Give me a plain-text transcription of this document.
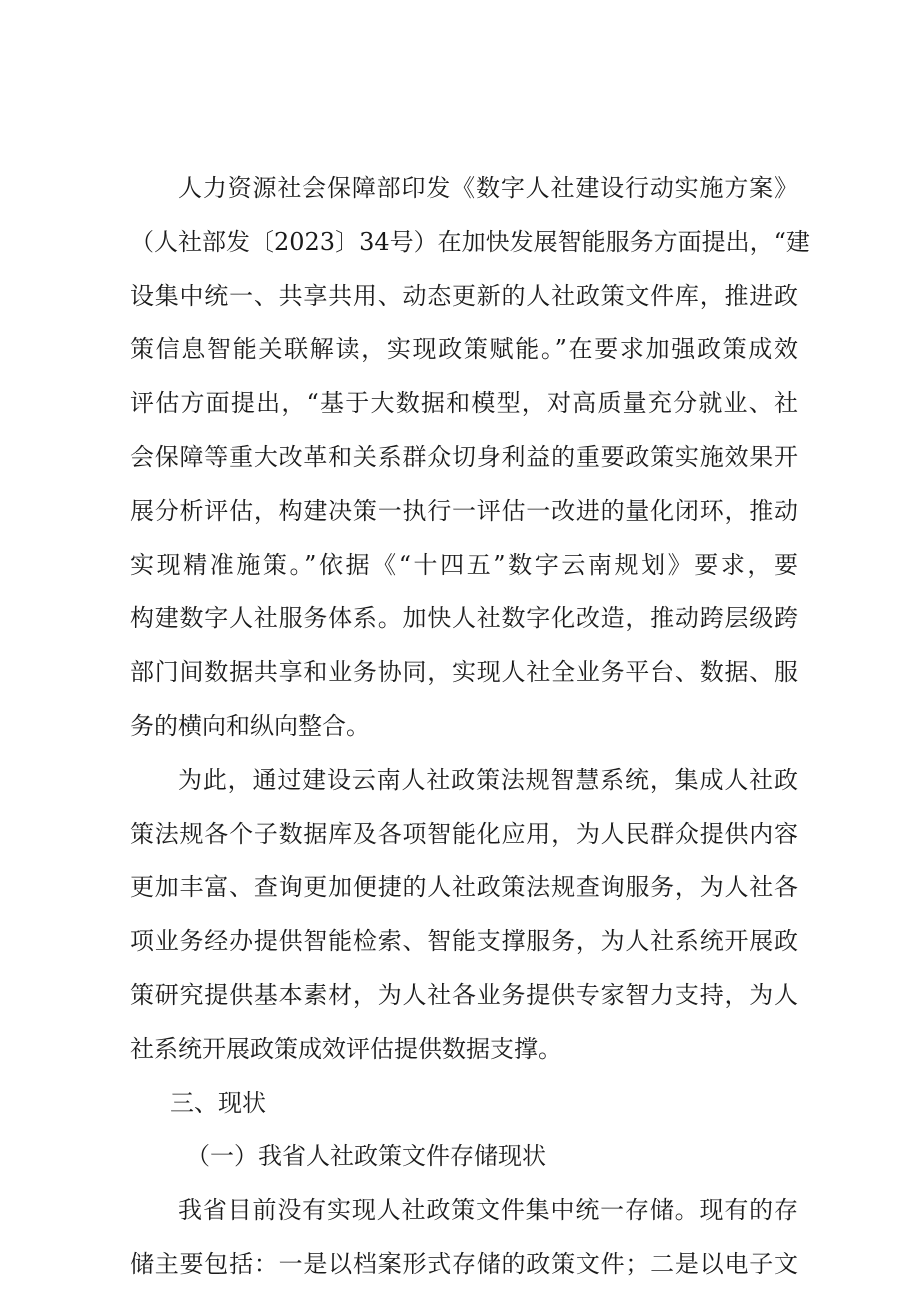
人力资源社会保障部印发《数字人社建设行动实施方案》
（人社部发〔2023〕34号）在加快发展智能服务方面提出，“建
设集中统一、共享共用、动态更新的人社政策文件库，推进政
策信息智能关联解读，实现政策赋能。”在要求加强政策成效
评估方面提出，“基于大数据和模型，对高质量充分就业、社
会保障等重大改革和关系群众切身利益的重要政策实施效果开
展分析评估，构建决策一执行一评估一改进的量化闭环，推动
实现精准施策。”依据《“十四五”数字云南规划》要求，要
构建数字人社服务体系。加快人社数字化改造，推动跨层级跨
部门间数据共享和业务协同，实现人社全业务平台、数据、服
务的横向和纵向整合。
为此，通过建设云南人社政策法规智慧系统，集成人社政
策法规各个子数据库及各项智能化应用，为人民群众提供内容
更加丰富、查询更加便捷的人社政策法规查询服务，为人社各
项业务经办提供智能检索、智能支撑服务，为人社系统开展政
策研究提供基本素材，为人社各业务提供专家智力支持，为人
社系统开展政策成效评估提供数据支撑。
三、现状
（一）我省人社政策文件存储现状
我省目前没有实现人社政策文件集中统一存储。现有的存
储主要包括：一是以档案形式存储的政策文件；二是以电子文
